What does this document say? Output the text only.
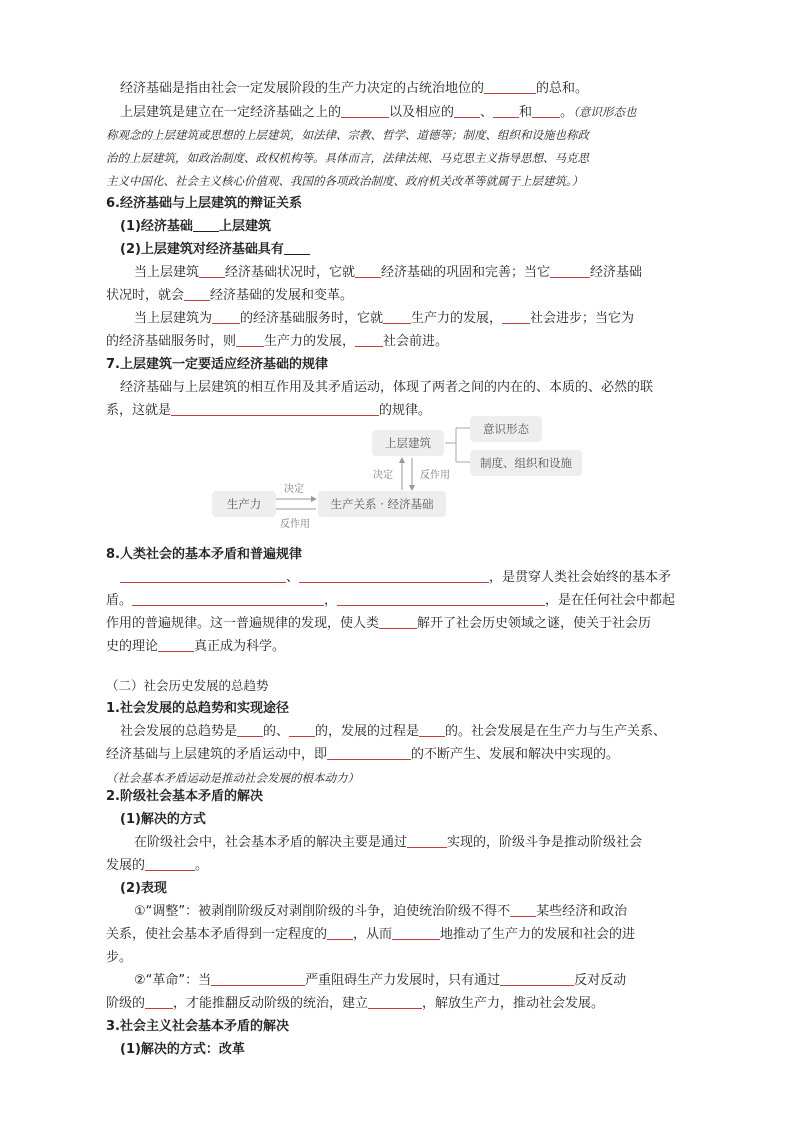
经济基础是指由社会一定发展阶段的生产力决定的占统治地位的	的总和。
上层建筑是建立在一定经济基础之上的	以及相应的 、 和 。（意识形态也
称观念的上层建筑或思想的上层建筑，如法律、宗教、哲学、道德等；制度、组织和设施也称政
治的上层建筑，如政治制度、政权机构等。具体而言，法律法规、马克思主义指导思想、马克思
主义中国化、社会主义核心价值观、我国的各项政治制度、政府机关改革等就属于上层建筑。）
6.经济基础与上层建筑的辩证关系
(1)经济基础 上层建筑
(2)上层建筑对经济基础具有
当上层建筑 经济基础状况时，它就 经济基础的巩固和完善；当它	经济基础
状况时，就会 经济基础的发展和变革。
当上层建筑为 的经济基础服务时，它就 生产力的发展， 社会进步；当它为
的经济基础服务时，则 生产力的发展， 社会前进。
7.上层建筑一定要适应经济基础的规律
经济基础与上层建筑的相互作用及其矛盾运动，体现了两者之间的内在的、本质的、必然的联
系，这就是	的规律。
上层建筑
意识形态
制度、组织和设施
生产力	生产关系 · 经济基础
决定	反作用
决定
反作用
8.人类社会的基本矛盾和普遍规律
、	，是贯穿人类社会始终的基本矛
盾。	，	，是在任何社会中都起
作用的普遍规律。这一普遍规律的发现，使人类	解开了社会历史领域之谜，使关于社会历
史的理论	真正成为科学。
（二）社会历史发展的总趋势
1.社会发展的总趋势和实现途径
社会发展的总趋势是 的、 的，发展的过程是 的。社会发展是在生产力与生产关系、
经济基础与上层建筑的矛盾运动中，即	的不断产生、发展和解决中实现的。
（社会基本矛盾运动是推动社会发展的根本动力）
2.阶级社会基本矛盾的解决
(1)解决的方式
在阶级社会中，社会基本矛盾的解决主要是通过	实现的，阶级斗争是推动阶级社会
发展的	。
(2)表现
①“调整”：被剥削阶级反对剥削阶级的斗争，迫使统治阶级不得不 某些经济和政治
关系，使社会基本矛盾得到一定程度的 ，从而	地推动了生产力的发展和社会的进
步。
②“革命”：当	严重阻碍生产力发展时，只有通过	反对反动
阶级的 ，才能推翻反动阶级的统治，建立	，解放生产力，推动社会发展。
3.社会主义社会基本矛盾的解决
(1)解决的方式：改革
